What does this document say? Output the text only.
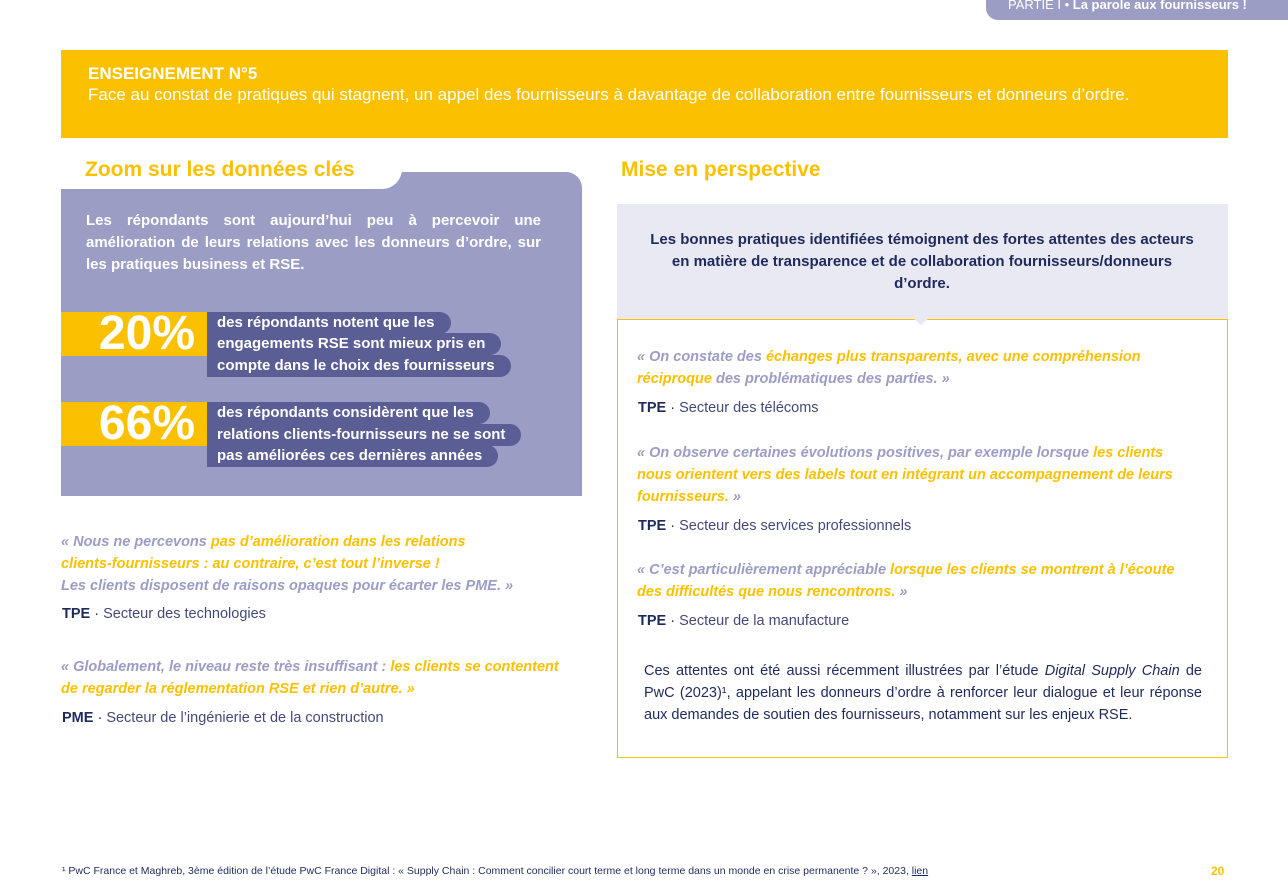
PARTIE I • La parole aux fournisseurs !
ENSEIGNEMENT N°5
Face au constat de pratiques qui stagnent, un appel des fournisseurs à davantage de collaboration entre fournisseurs et donneurs d’ordre.
Zoom sur les données clés
Les répondants sont aujourd’hui peu à percevoir une amélioration de leurs relations avec les donneurs d’ordre, sur les pratiques business et RSE.
20%	des répondants notent que les
engagements RSE sont mieux pris en
compte dans le choix des fournisseurs
66%	des répondants considèrent que les
relations clients-fournisseurs ne se sont
pas améliorées ces dernières années
« Nous ne percevons pas d’amélioration dans les relations
clients-fournisseurs : au contraire, c’est tout l’inverse !
Les clients disposent de raisons opaques pour écarter les PME. »
TPE · Secteur des technologies
« Globalement, le niveau reste très insuffisant : les clients se contentent
de regarder la réglementation RSE et rien d’autre. »
PME · Secteur de l’ingénierie et de la construction
Mise en perspective
Les bonnes pratiques identifiées témoignent des fortes attentes des acteurs en matière de transparence et de collaboration fournisseurs/donneurs d’ordre.
« On constate des échanges plus transparents, avec une compréhension
réciproque des problématiques des parties. »
TPE · Secteur des télécoms
« On observe certaines évolutions positives, par exemple lorsque les clients
nous orientent vers des labels tout en intégrant un accompagnement de leurs
fournisseurs. »
TPE · Secteur des services professionnels
« C’est particulièrement appréciable lorsque les clients se montrent à l’écoute
des difficultés que nous rencontrons. »
TPE · Secteur de la manufacture
Ces attentes ont été aussi récemment illustrées par l’étude Digital Supply Chain de PwC (2023)¹, appelant les donneurs d’ordre à renforcer leur dialogue et leur réponse aux demandes de soutien des fournisseurs, notamment sur les enjeux RSE.
¹ PwC France et Maghreb, 3ème édition de l’étude PwC France Digital : « Supply Chain : Comment concilier court terme et long terme dans un monde en crise permanente ? », 2023, lien	20
